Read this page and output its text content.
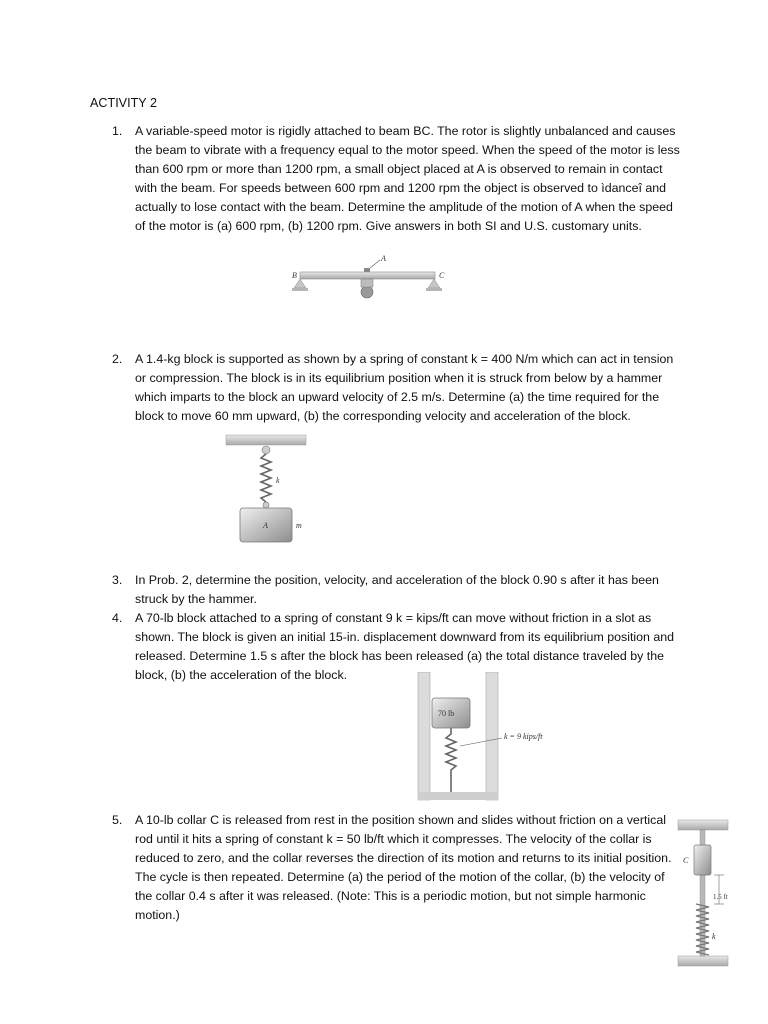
ACTIVITY 2
1. A variable-speed motor is rigidly attached to beam BC. The rotor is slightly unbalanced and causes the beam to vibrate with a frequency equal to the motor speed. When the speed of the motor is less than 600 rpm or more than 1200 rpm, a small object placed at A is observed to remain in contact with the beam. For speeds between 600 rpm and 1200 rpm the object is observed to ìdanceî and actually to lose contact with the beam. Determine the amplitude of the motion of A when the speed of the motor is (a) 600 rpm, (b) 1200 rpm. Give answers in both SI and U.S. customary units.
B
A
C
2. A 1.4-kg block is supported as shown by a spring of constant k = 400 N/m which can act in tension or compression. The block is in its equilibrium position when it is struck from below by a hammer which imparts to the block an upward velocity of 2.5 m/s. Determine (a) the time required for the block to move 60 mm upward, (b) the corresponding velocity and acceleration of the block.
k
A	m
3. In Prob. 2, determine the position, velocity, and acceleration of the block 0.90 s after it has been struck by the hammer.
4. A 70-lb block attached to a spring of constant 9 k = kips/ft can move without friction in a slot as shown. The block is given an initial 15-in. displacement downward from its equilibrium position and released. Determine 1.5 s after the block has been released (a) the total distance traveled by the block, (b) the acceleration of the block.
70 lb
k = 9 kips/ft
5. A 10-lb collar C is released from rest in the position shown and slides without friction on a vertical rod until it hits a spring of constant k = 50 lb/ft which it compresses. The velocity of the collar is reduced to zero, and the collar reverses the direction of its motion and returns to its initial position. The cycle is then repeated. Determine (a) the period of the motion of the collar, (b) the velocity of the collar 0.4 s after it was released. (Note: This is a periodic motion, but not simple harmonic motion.)
C
1.5 ft
k
